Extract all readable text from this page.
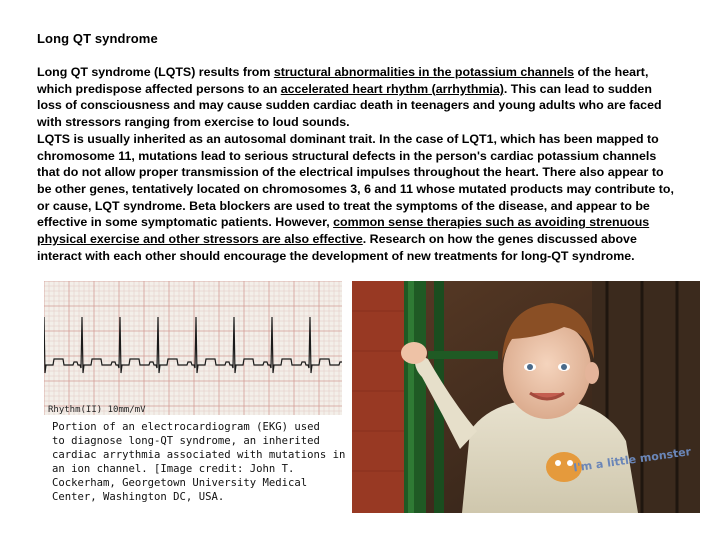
Long QT syndrome

Long QT syndrome (LQTS) results from structural abnormalities in the potassium channels of the heart, which predispose affected persons to an accelerated heart rhythm (arrhythmia). This can lead to sudden loss of consciousness and may cause sudden cardiac death in teenagers and young adults who are faced with stressors ranging from exercise to loud sounds.

LQTS is usually inherited as an autosomal dominant trait. In the case of LQT1, which has been mapped to chromosome 11, mutations lead to serious structural defects in the person's cardiac potassium channels that do not allow proper transmission of the electrical impulses throughout the heart. There also appear to be other genes, tentatively located on chromosomes 3, 6 and 11 whose mutated products may contribute to, or cause, LQT syndrome. Beta blockers are used to treat the symptoms of the disease, and appear to be effective in some symptomatic patients. However, common sense therapies such as avoiding strenuous physical exercise and other stressors are also effective. Research on how the genes discussed above interact with each other should encourage the development of new treatments for long-QT syndrome.

I'm a little monster
Rhythm(II) 10mm/mV
Portion of an electrocardiogram (EKG) used
to diagnose long-QT syndrome, an inherited
cardiac arrythmia associated with mutations in
an ion channel. [Image credit: John T.
Cockerham, Georgetown University Medical
Center, Washington DC, USA.
